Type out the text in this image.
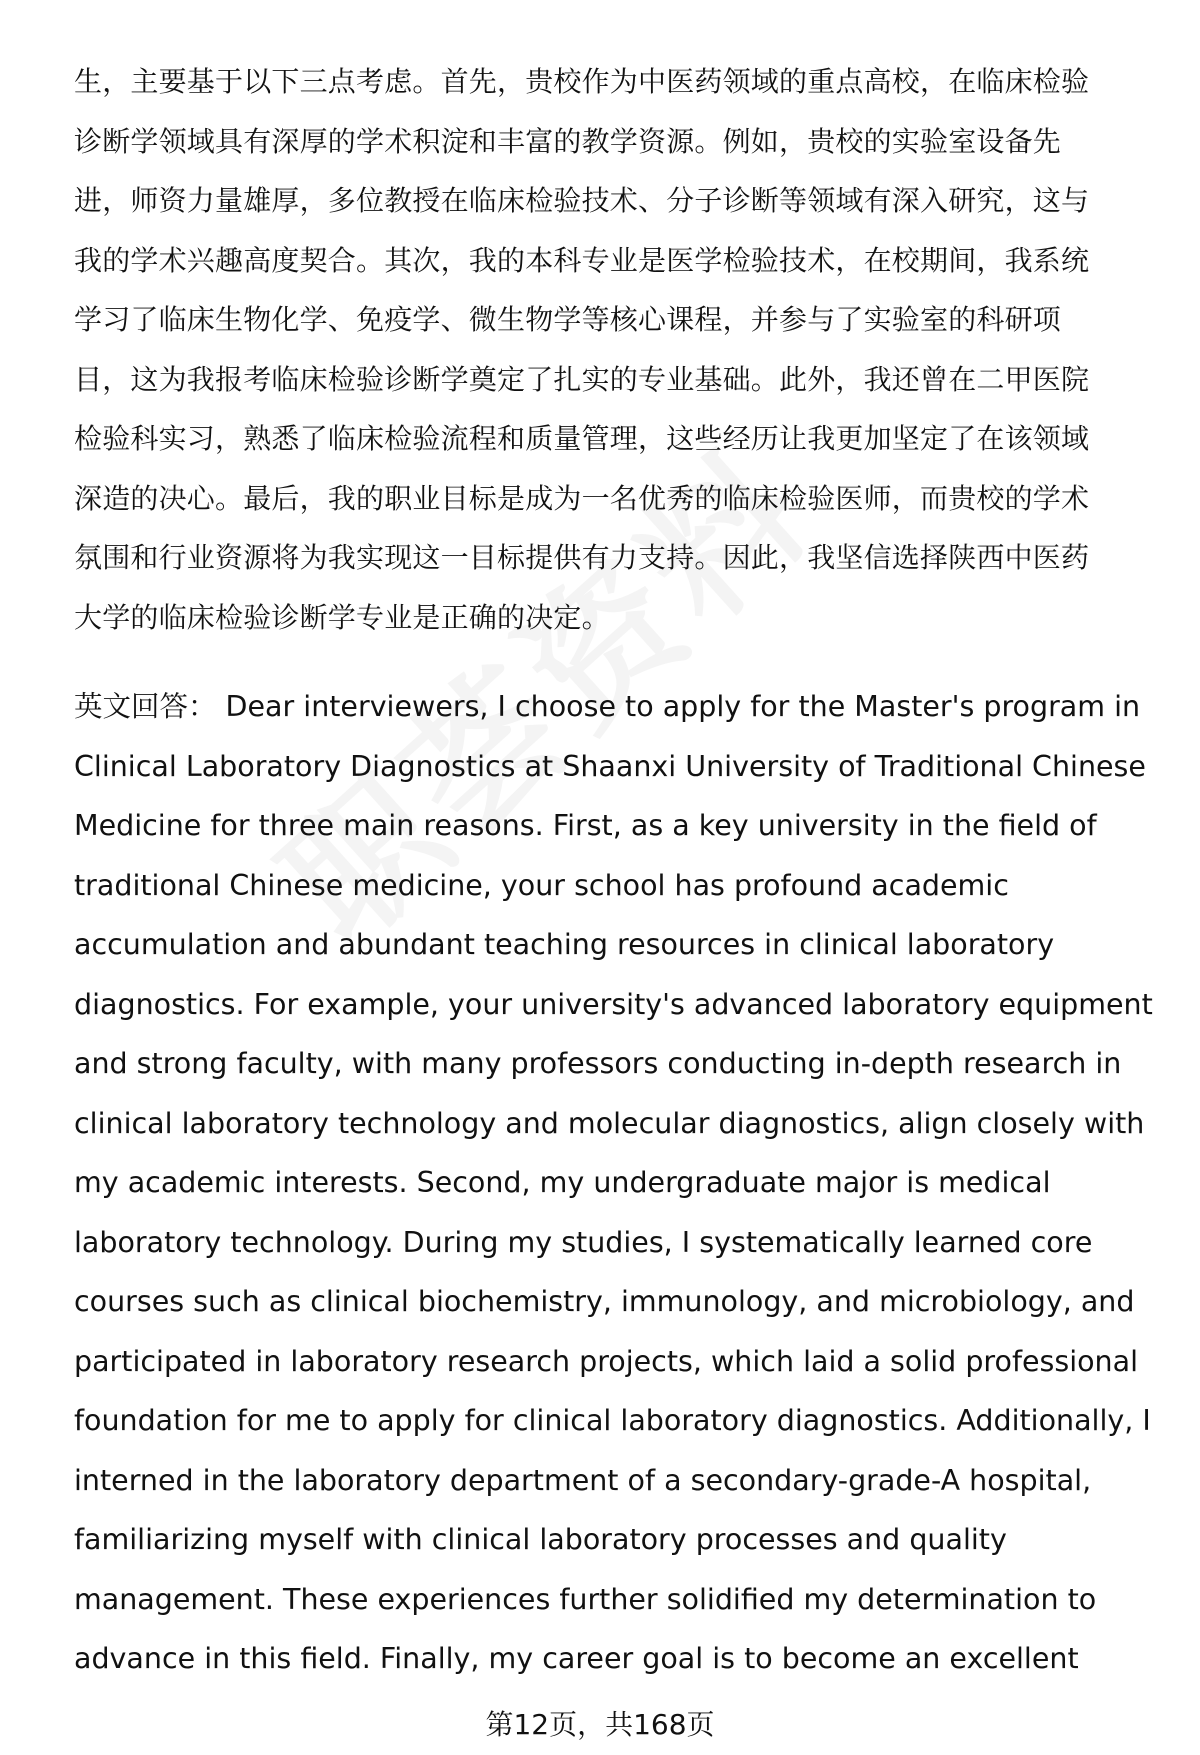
生，主要基于以下三点考虑。首先，贵校作为中医药领域的重点高校，在临床检验
诊断学领域具有深厚的学术积淀和丰富的教学资源。例如，贵校的实验室设备先
进，师资力量雄厚，多位教授在临床检验技术、分子诊断等领域有深入研究，这与
我的学术兴趣高度契合。其次，我的本科专业是医学检验技术，在校期间，我系统
学习了临床生物化学、免疫学、微生物学等核心课程，并参与了实验室的科研项
目，这为我报考临床检验诊断学奠定了扎实的专业基础。此外，我还曾在二甲医院
检验科实习，熟悉了临床检验流程和质量管理，这些经历让我更加坚定了在该领域
深造的决心。最后，我的职业目标是成为一名优秀的临床检验医师，而贵校的学术
氛围和行业资源将为我实现这一目标提供有力支持。因此，我坚信选择陕西中医药
大学的临床检验诊断学专业是正确的决定。
英文回答： Dear interviewers, I choose to apply for the Master's program in
Clinical Laboratory Diagnostics at Shaanxi University of Traditional Chinese
Medicine for three main reasons. First, as a key university in the field of
traditional Chinese medicine, your school has profound academic
accumulation and abundant teaching resources in clinical laboratory
diagnostics. For example, your university's advanced laboratory equipment
and strong faculty, with many professors conducting in-depth research in
clinical laboratory technology and molecular diagnostics, align closely with
my academic interests. Second, my undergraduate major is medical
laboratory technology. During my studies, I systematically learned core
courses such as clinical biochemistry, immunology, and microbiology, and
participated in laboratory research projects, which laid a solid professional
foundation for me to apply for clinical laboratory diagnostics. Additionally, I
interned in the laboratory department of a secondary-grade-A hospital,
familiarizing myself with clinical laboratory processes and quality
management. These experiences further solidified my determination to
advance in this field. Finally, my career goal is to become an excellent
第12页，共168页
